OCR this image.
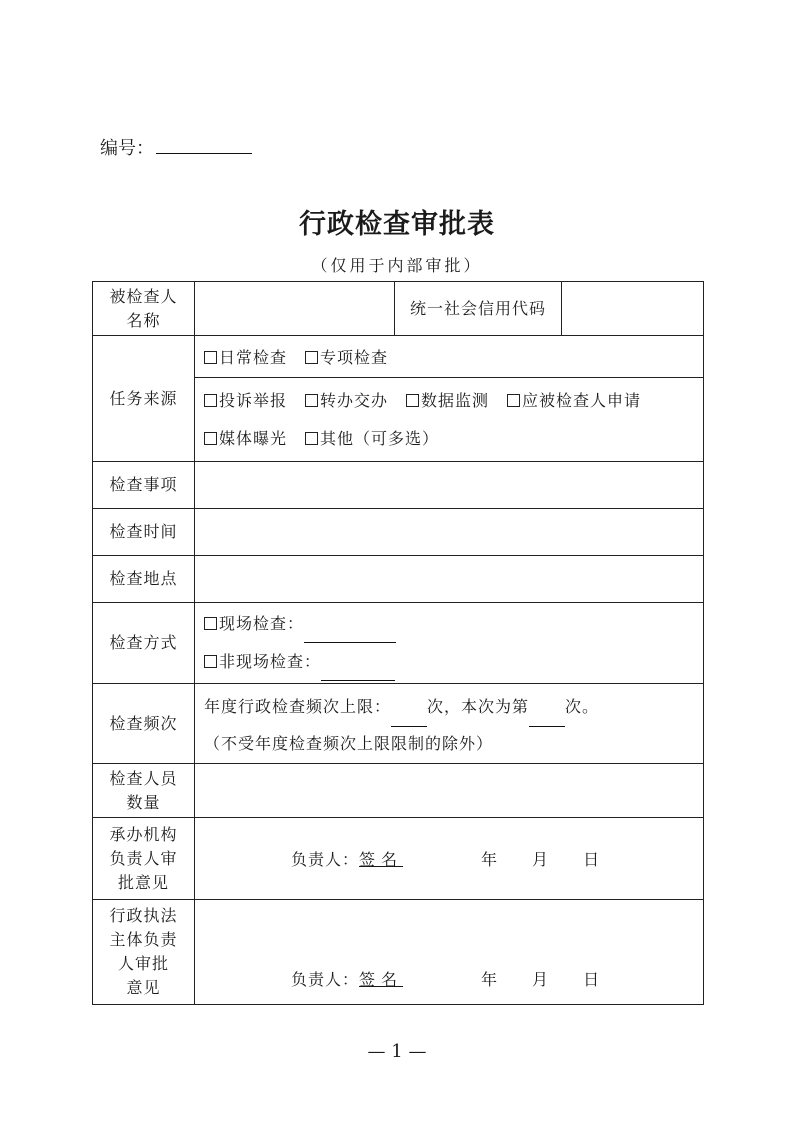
编号：
行政检查审批表
（仅用于内部审批）
被检查人
名称		统一社会信用代码	
任务来源	日常检查 专项检查		

	投诉举报 转办交办 数据监测 应被检查人申请
媒体曝光 其他（可多选）		

检查事项			
检查时间			
检查地点			
检查方式	现场检查：
非现场检查：		

检查频次	年度行政检查频次上限： 次，本次为第 次。
（不受年度检查频次上限限制的除外）		

检查人员
数量			
承办机构
负责人审
批意见	负责人： 签名 年 月 日		

行政执法
主体负责
人审批
意见	负责人： 签名 年 月 日		
— 1 —
